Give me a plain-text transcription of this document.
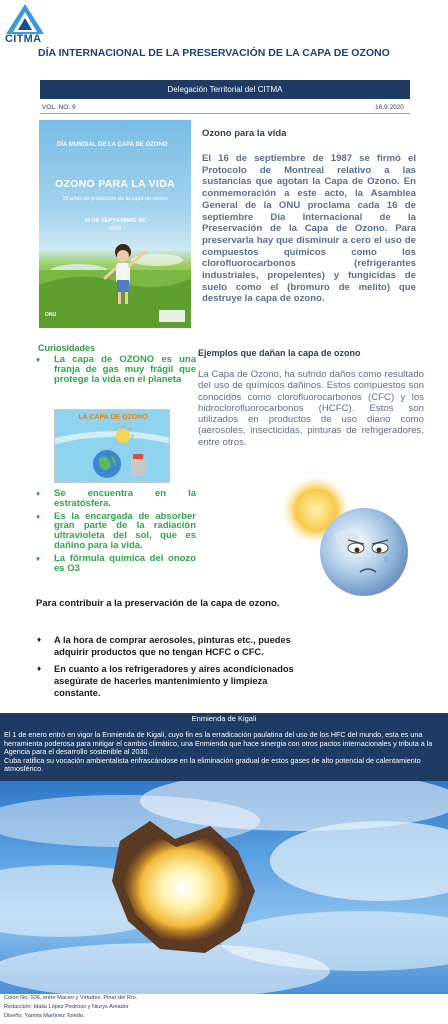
CITMA
DÍA INTERNACIONAL DE LA PRESERVACIÓN DE LA CAPA DE OZONO
Delegación Territorial del CITMA
VOL. NO. 9	16.9.2020
DÍA MUNDIAL DE LA CAPA DE OZONO
OZONO PARA LA VIDA
35 años de protección de la capa de ozono
16 DE SEPTIEMBRE DE
2020
ONU
Ozono para la vida
El 16 de septiembre de 1987 se firmó el Protocolo de Montreal relativo a las sustancias que agotan la Capa de Ozono. En conmemoración a este acto, la Asamblea General de la ONU proclama cada 16 de septiembre Día Internacional de la Preservación de la Capa de Ozono. Para preservarla hay que disminuir a cero el uso de compuestos químicos como los clorofluorocarbonos (refrigerantes industriales, propelentes) y fungicidas de suelo como el (bromuro de melito) que destruye la capa de ozono.
Curiosidades
♦ La capa de OZONO es una franja de gas muy frágil que protege la vida en el planeta
LA CAPA DE OZONO
♦ Se encuentra en la estratósfera.
♦ Es la encargada de absorber gran parte de la radiación ultravioleta del sol, que es dañino para la vida.
♦ La fórmula química del onozo es O3
Ejemplos que dañan la capa de ozono
La Capa de Ozono, ha sufrido daños como resultado del uso de químicos dañinos. Estos compuestos son conocidos como clorofluorocarbonos (CFC) y los hidroclorofluorocarbonos (HCFC). Estos son utilizados en productos de uso diario como (aerosoles, insecticidas, pinturas de refrigeradores, entre otros.
Para contribuir a la preservación de la capa de ozono.
♦ A la hora de comprar aerosoles, pinturas etc., puedes adquirir productos que no tengan HCFC o CFC.
♦ En cuanto a los refrigeradores y aires acondicionados asegúrate de hacerles mantenimiento y limpieza constante.
Enmienda de Kigali
El 1 de enero entró en vigor la Enmienda de Kigali, cuyo fin es la erradicación paulatina del uso de los HFC del mundo, esta es una herramienta poderosa para mitigar el cambio climático, una Enmienda que hace sinergia con otros pactos internacionales y tributa a la Agencia para el desarrollo sostenible al 2030.
Cuba ratifica su vocación ambientalista enfrascándose en la eliminación gradual de estos gases de alto potencial de calentamiento atmosférico.
Colón No. 106, entre Maceo y Virtudes. Pinar del Río.
Redacción: Idalia López Pedroso y Niurys Amador
Diseño: Yamira Martínez Toledo.
